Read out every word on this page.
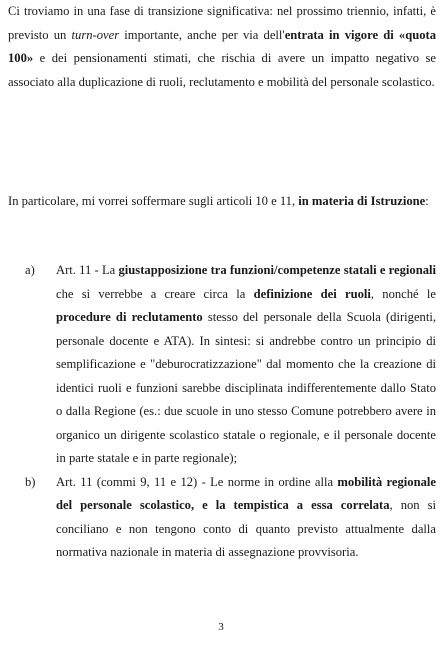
Ci troviamo in una fase di transizione significativa: nel prossimo triennio, infatti, è previsto un turn-over importante, anche per via dell'entrata in vigore di «quota 100» e dei pensionamenti stimati, che rischia di avere un impatto negativo se associato alla duplicazione di ruoli, reclutamento e mobilità del personale scolastico.

In particolare, mi vorrei soffermare sugli articoli 10 e 11, in materia di Istruzione:

a) Art. 11 - La giustapposizione tra funzioni/competenze statali e regionali che si verrebbe a creare circa la definizione dei ruoli, nonché le procedure di reclutamento stesso del personale della Scuola (dirigenti, personale docente e ATA). In sintesi: si andrebbe contro un principio di semplificazione e "deburocratizzazione" dal momento che la creazione di identici ruoli e funzioni sarebbe disciplinata indifferentemente dallo Stato o dalla Regione (es.: due scuole in uno stesso Comune potrebbero avere in organico un dirigente scolastico statale o regionale, e il personale docente in parte statale e in parte regionale);
b) Art. 11 (commi 9, 11 e 12) - Le norme in ordine alla mobilità regionale del personale scolastico, e la tempistica a essa correlata, non si conciliano e non tengono conto di quanto previsto attualmente dalla normativa nazionale in materia di assegnazione provvisoria.
3
